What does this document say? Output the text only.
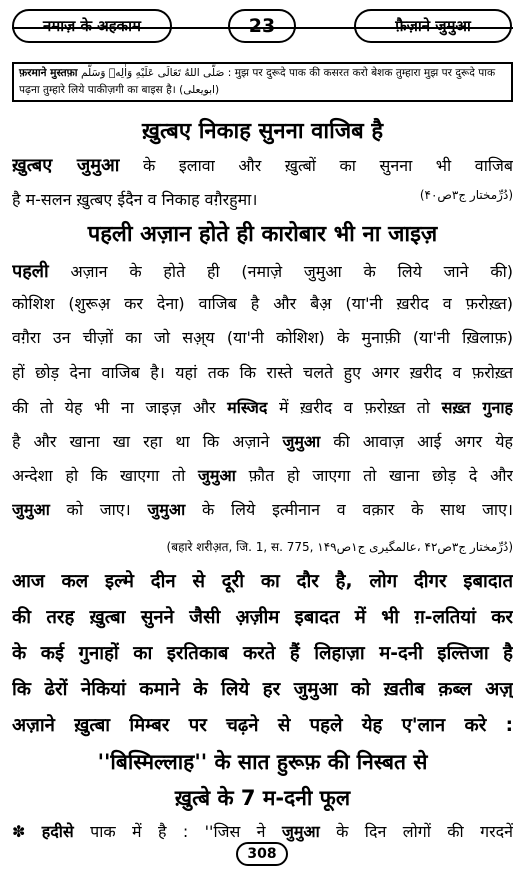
नमाज़ के अहकाम	23	फ़ैज़ाने जुमुआ
फ़रमाने मुस्तफ़ा صَلَّى اللهُ تَعَالَى عَلَيْهِ وَاٰلِهٖ وَسَلَّم : मुझ पर दुरूदे पाक की कसरत करो बेशक तुम्हारा मुझ पर दुरूदे पाक
पढ़ना तुम्हारे लिये पाकीज़गी का बाइस है। (ابویعلی)
ख़ुत्बए निकाह सुनना वाजिब है
ख़ुत्बए जुमुआ के इलावा और ख़ुत्बों का सुनना भी वाजिब
है म-सलन ख़ुत्बए ईदैन व निकाह वग़ैरहुमा।	(دُرِّمختار ج۳ص۴۰)
पहली अज़ान होते ही कारोबार भी ना जाइज़
पहली अज़ान के होते ही (नमाज़े जुमुआ के लिये जाने की)
कोशिश (शुरूअ़ कर देना) वाजिब है और बैअ़ (या'नी ख़रीद व फ़रोख़्त)
वग़ैरा उन चीज़ों का जो सअ़्य (या'नी कोशिश) के मुनाफ़ी (या'नी ख़िलाफ़)
हों छोड़ देना वाजिब है। यहां तक कि रास्ते चलते हुए अगर ख़रीद व फ़रोख़्त
की तो येह भी ना जाइज़ और मस्जिद में ख़रीद व फ़रोख़्त तो सख़्त गुनाह
है और खाना खा रहा था कि अज़ाने जुमुआ की आवाज़ आई अगर येह
अन्देशा हो कि खाएगा तो जुमुआ फ़ौत हो जाएगा तो खाना छोड़ दे और
जुमुआ को जाए। जुमुआ के लिये इत्मीनान व वक़ार के साथ जाए।
(बहारे शरीअ़त, जि. 1, स. 775, دُرِّمختار ج۳ص۴۲ ،عالمگیری ج۱ص۱۴۹)
आज कल इल्मे दीन से दूरी का दौर है, लोग दीगर इबादात
की तरह ख़ुत्बा सुनने जैसी अ़ज़ीम इबादत में भी ग़-लतियां कर
के कई गुनाहों का इरतिकाब करते हैं लिहाज़ा म-दनी इल्तिजा है
कि ढेरों नेकियां कमाने के लिये हर जुमुआ को ख़तीब क़ब्ल अज़्
अज़ाने ख़ुत्बा मिम्बर पर चढ़ने से पहले येह ए'लान करे :
''बिस्मिल्लाह'' के सात हुरूफ़ की निस्बत से
ख़ुत्बे के 7 म-दनी फूल
✽ हदीसे पाक में है : ''जिस ने जुमुआ के दिन लोगों की गरदनें
308
